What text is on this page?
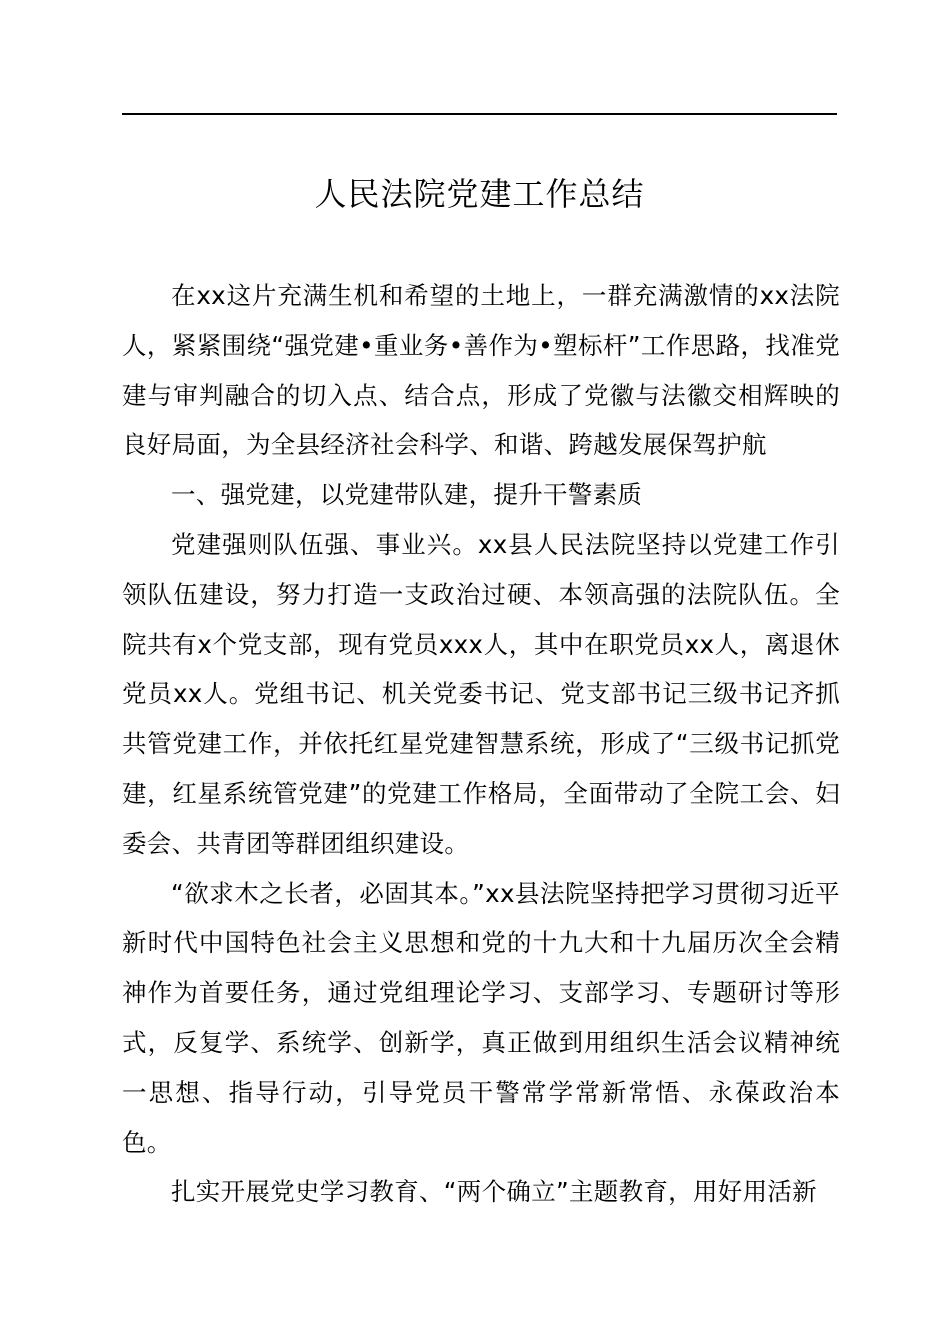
人民法院党建工作总结

在xx这片充满生机和希望的土地上，一群充满激情的xx法院人，紧紧围绕“强党建•重业务•善作为•塑标杆”工作思路，找准党建与审判融合的切入点、结合点，形成了党徽与法徽交相辉映的良好局面，为全县经济社会科学、和谐、跨越发展保驾护航

一、强党建，以党建带队建，提升干警素质

党建强则队伍强、事业兴。xx县人民法院坚持以党建工作引领队伍建设，努力打造一支政治过硬、本领高强的法院队伍。全院共有x个党支部，现有党员xxx人，其中在职党员xx人，离退休党员xx人。党组书记、机关党委书记、党支部书记三级书记齐抓共管党建工作，并依托红星党建智慧系统，形成了“三级书记抓党建，红星系统管党建”的党建工作格局，全面带动了全院工会、妇委会、共青团等群团组织建设。

“欲求木之长者，必固其本。”xx县法院坚持把学习贯彻习近平新时代中国特色社会主义思想和党的十九大和十九届历次全会精神作为首要任务，通过党组理论学习、支部学习、专题研讨等形式，反复学、系统学、创新学，真正做到用组织生活会议精神统一思想、指导行动，引导党员干警常学常新常悟、永葆政治本色。

扎实开展党史学习教育、“两个确立”主题教育，用好用活新
